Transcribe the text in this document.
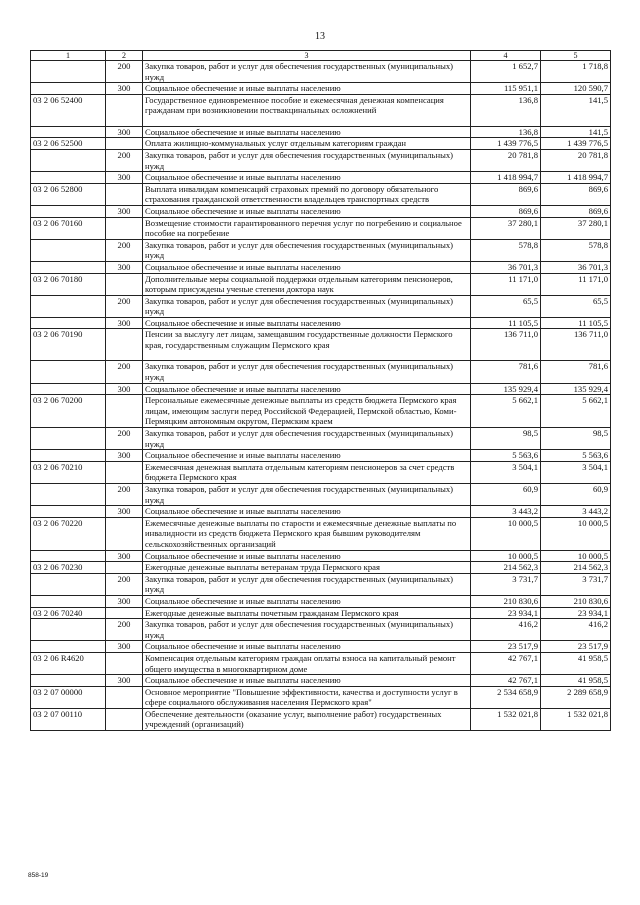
13
1	2	3	4	5
	200	Закупка товаров, работ и услуг для обеспечения государственных (муниципальных) нужд	1 652,7	1 718,8
	300	Социальное обеспечение и иные выплаты населению	115 951,1	120 590,7
03 2 06 52400		Государственное единовременное пособие и ежемесячная денежная компенсация гражданам при возникновении поствакцинальных осложнений	136,8	141,5
	300	Социальное обеспечение и иные выплаты населению	136,8	141,5
03 2 06 52500		Оплата жилищно-коммунальных услуг отдельным категориям граждан	1 439 776,5	1 439 776,5
	200	Закупка товаров, работ и услуг для обеспечения государственных (муниципальных) нужд	20 781,8	20 781,8
	300	Социальное обеспечение и иные выплаты населению	1 418 994,7	1 418 994,7
03 2 06 52800		Выплата инвалидам компенсаций страховых премий по договору обязательного страхования гражданской ответственности владельцев транспортных средств	869,6	869,6
	300	Социальное обеспечение и иные выплаты населению	869,6	869,6
03 2 06 70160		Возмещение стоимости гарантированного перечня услуг по погребению и социальное пособие на погребение	37 280,1	37 280,1
	200	Закупка товаров, работ и услуг для обеспечения государственных (муниципальных) нужд	578,8	578,8
	300	Социальное обеспечение и иные выплаты населению	36 701,3	36 701,3
03 2 06 70180		Дополнительные меры социальной поддержки отдельным категориям пенсионеров, которым присуждены ученые степени доктора наук	11 171,0	11 171,0
	200	Закупка товаров, работ и услуг для обеспечения государственных (муниципальных) нужд	65,5	65,5
	300	Социальное обеспечение и иные выплаты населению	11 105,5	11 105,5
03 2 06 70190		Пенсии за выслугу лет лицам, замещавшим государственные должности Пермского края, государственным служащим Пермского края	136 711,0	136 711,0
	200	Закупка товаров, работ и услуг для обеспечения государственных (муниципальных) нужд	781,6	781,6
	300	Социальное обеспечение и иные выплаты населению	135 929,4	135 929,4
03 2 06 70200		Персональные ежемесячные денежные выплаты из средств бюджета Пермского края лицам, имеющим заслуги перед Российской Федерацией, Пермской областью, Коми-Пермяцким автономным округом, Пермским краем	5 662,1	5 662,1
	200	Закупка товаров, работ и услуг для обеспечения государственных (муниципальных) нужд	98,5	98,5
	300	Социальное обеспечение и иные выплаты населению	5 563,6	5 563,6
03 2 06 70210		Ежемесячная денежная выплата отдельным категориям пенсионеров за счет средств бюджета Пермского края	3 504,1	3 504,1
	200	Закупка товаров, работ и услуг для обеспечения государственных (муниципальных) нужд	60,9	60,9
	300	Социальное обеспечение и иные выплаты населению	3 443,2	3 443,2
03 2 06 70220		Ежемесячные денежные выплаты по старости и ежемесячные денежные выплаты по инвалидности из средств бюджета Пермского края бывшим руководителям сельскохозяйственных организаций	10 000,5	10 000,5
	300	Социальное обеспечение и иные выплаты населению	10 000,5	10 000,5
03 2 06 70230		Ежегодные денежные выплаты ветеранам труда Пермского края	214 562,3	214 562,3
	200	Закупка товаров, работ и услуг для обеспечения государственных (муниципальных) нужд	3 731,7	3 731,7
	300	Социальное обеспечение и иные выплаты населению	210 830,6	210 830,6
03 2 06 70240		Ежегодные денежные выплаты почетным гражданам Пермского края	23 934,1	23 934,1
	200	Закупка товаров, работ и услуг для обеспечения государственных (муниципальных) нужд	416,2	416,2
	300	Социальное обеспечение и иные выплаты населению	23 517,9	23 517,9
03 2 06 R4620		Компенсация отдельным категориям граждан оплаты взноса на капитальный ремонт общего имущества в многоквартирном доме	42 767,1	41 958,5
	300	Социальное обеспечение и иные выплаты населению	42 767,1	41 958,5
03 2 07 00000		Основное мероприятие "Повышение эффективности, качества и доступности услуг в сфере социального обслуживания населения Пермского края"	2 534 658,9	2 289 658,9
03 2 07 00110		Обеспечение деятельности (оказание услуг, выполнение работ) государственных учреждений (организаций)	1 532 021,8	1 532 021,8
858-19
